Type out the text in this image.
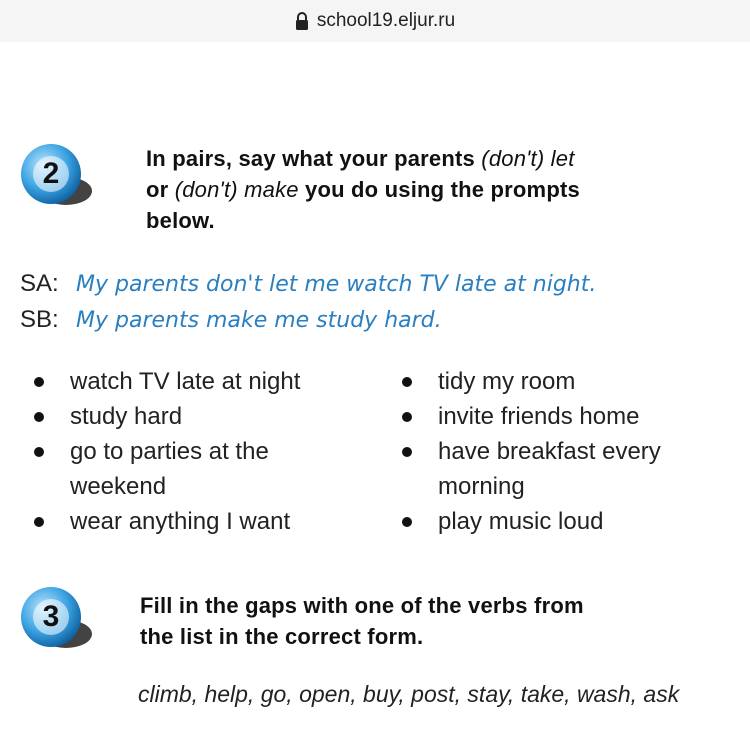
school19.eljur.ru
2	In pairs, say what your parents (don't) let
or (don't) make you do using the prompts
below.
SA: My parents don't let me watch TV late at night.
SB: My parents make me study hard.
watch TV late at night
study hard
go to parties at the weekend
wear anything I want
tidy my room
invite friends home
have breakfast every morning
play music loud
3	Fill in the gaps with one of the verbs from
the list in the correct form.
climb, help, go, open, buy, post, stay, take, wash, ask
